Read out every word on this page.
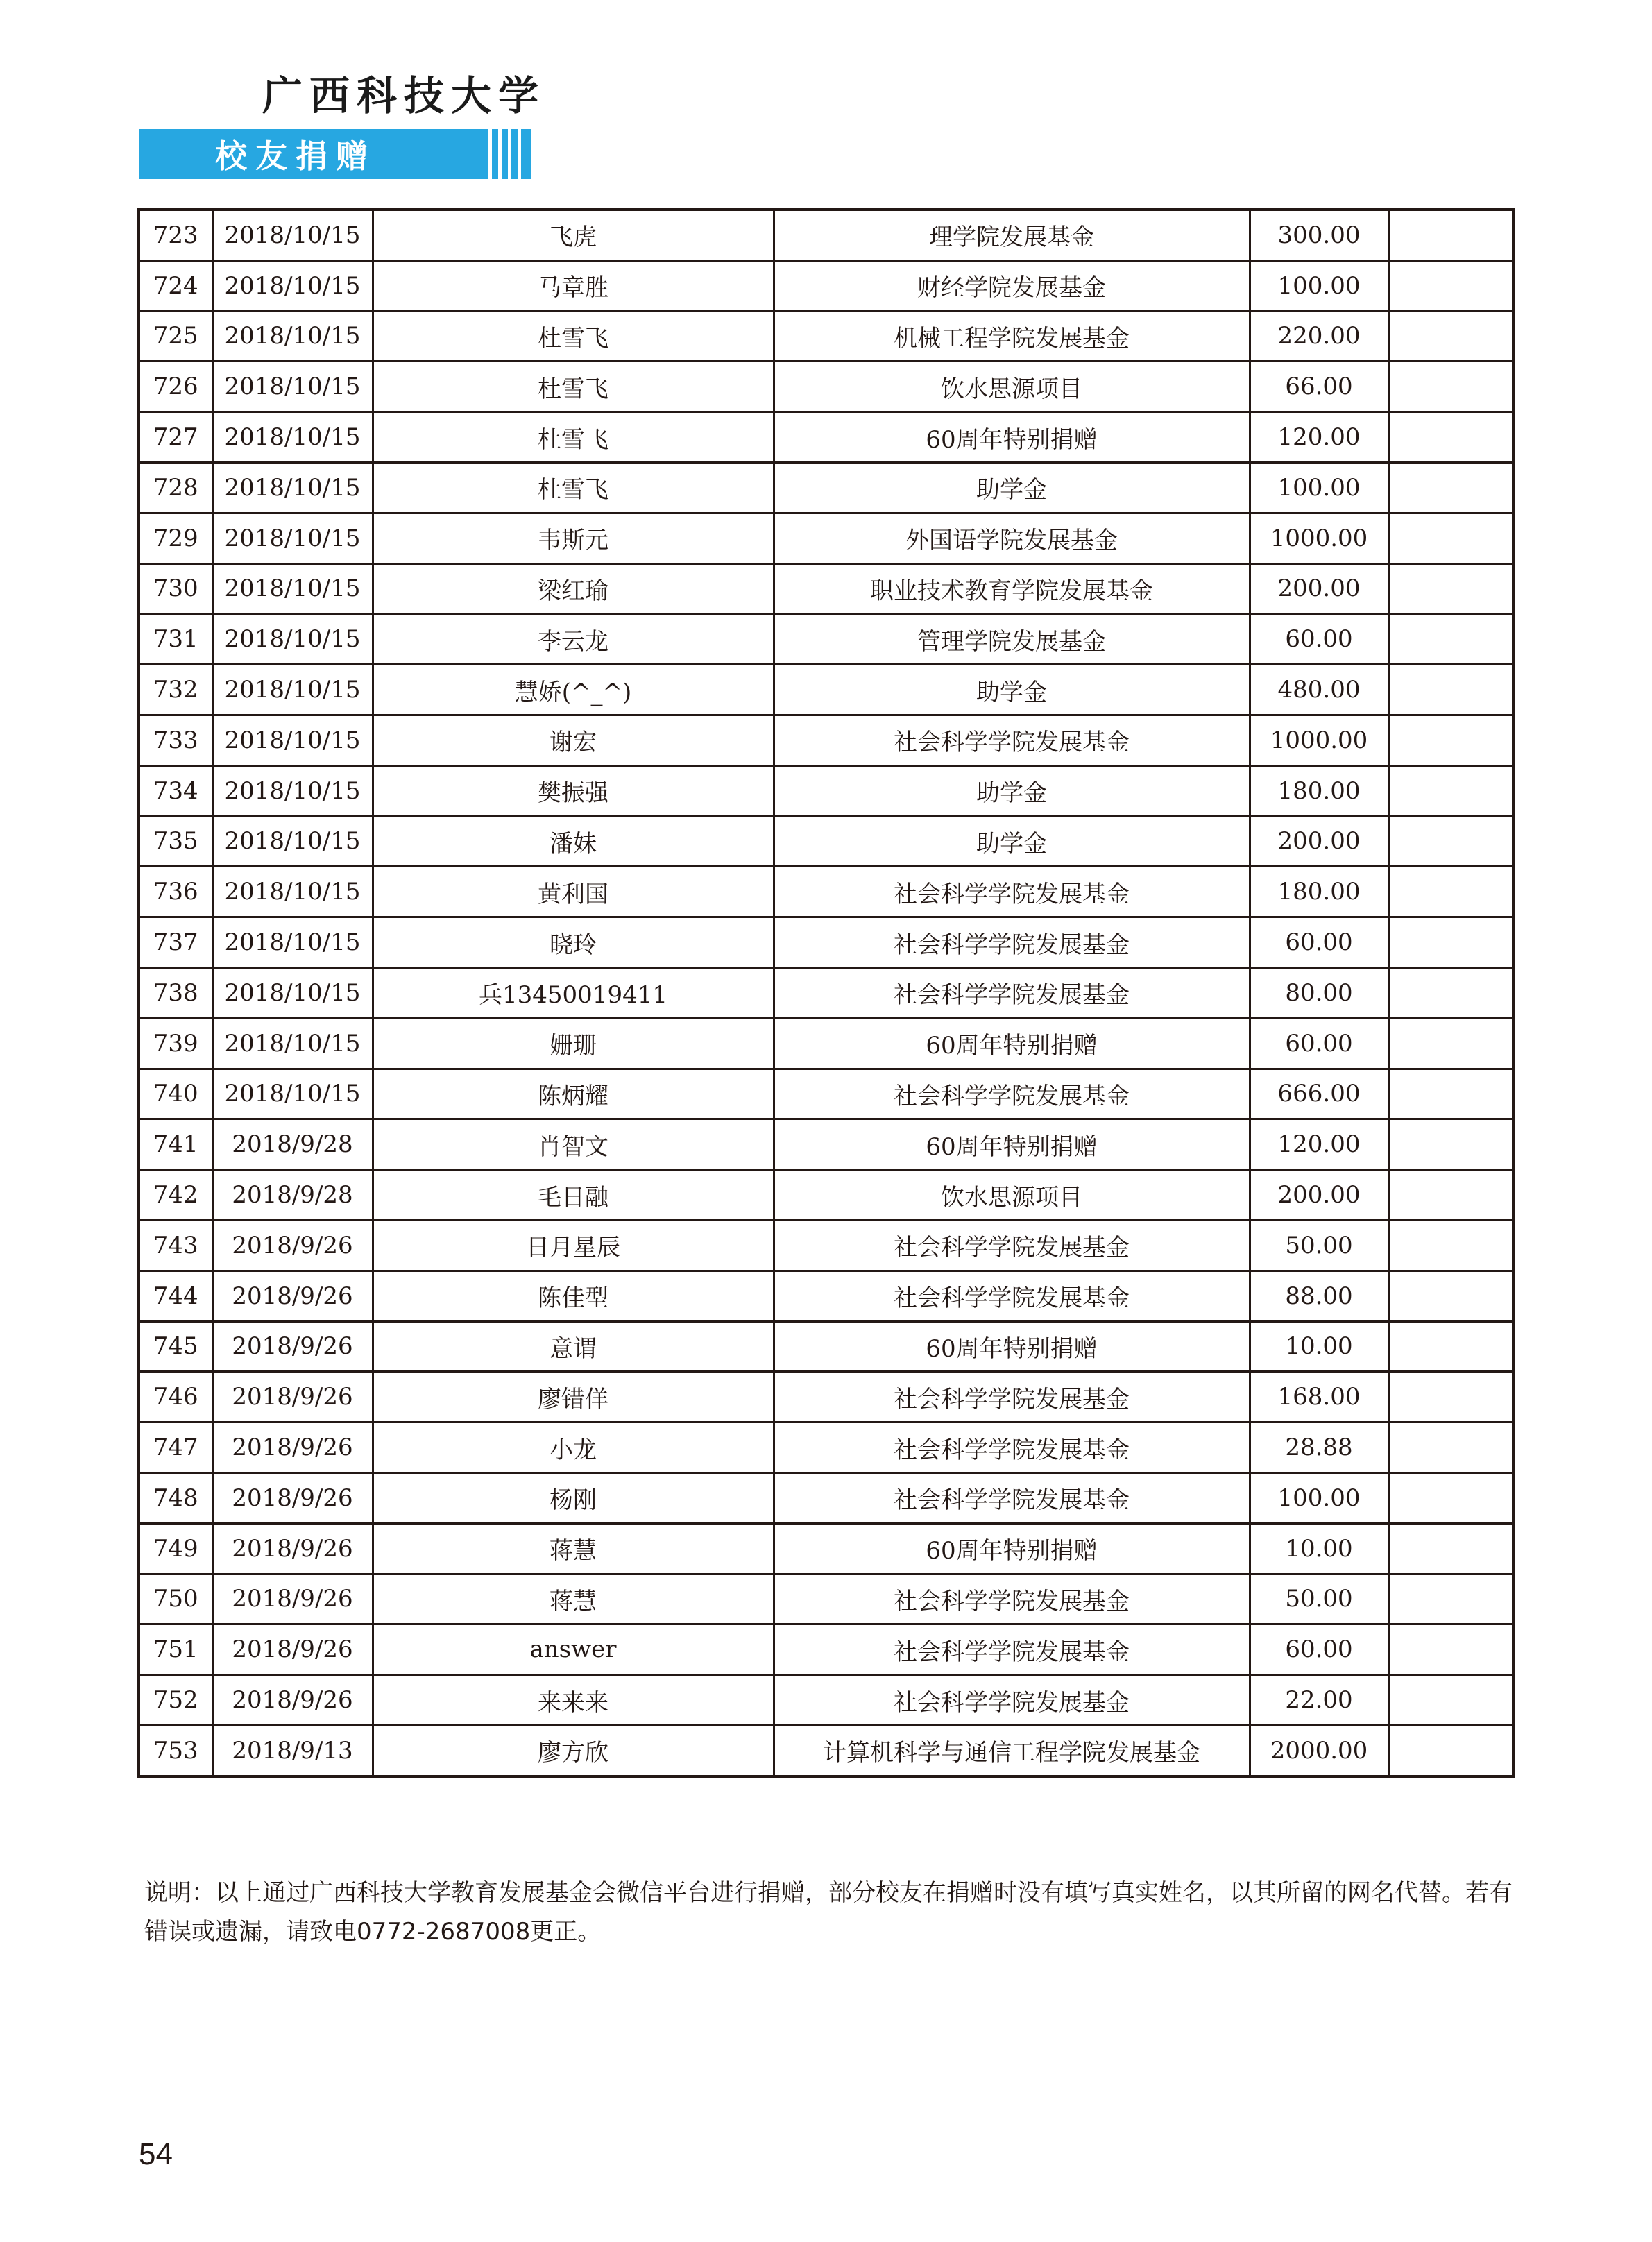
广西科技大学
校友捐赠
723	2018/10/15	飞虎	理学院发展基金	300.00	
724	2018/10/15	马章胜	财经学院发展基金	100.00	
725	2018/10/15	杜雪飞	机械工程学院发展基金	220.00	
726	2018/10/15	杜雪飞	饮水思源项目	66.00	
727	2018/10/15	杜雪飞	60周年特别捐赠	120.00	
728	2018/10/15	杜雪飞	助学金	100.00	
729	2018/10/15	韦斯元	外国语学院发展基金	1000.00	
730	2018/10/15	梁红瑜	职业技术教育学院发展基金	200.00	
731	2018/10/15	李云龙	管理学院发展基金	60.00	
732	2018/10/15	慧娇(^_^)	助学金	480.00	
733	2018/10/15	谢宏	社会科学学院发展基金	1000.00	
734	2018/10/15	樊振强	助学金	180.00	
735	2018/10/15	潘妹	助学金	200.00	
736	2018/10/15	黄利国	社会科学学院发展基金	180.00	
737	2018/10/15	晓玲	社会科学学院发展基金	60.00	
738	2018/10/15	兵13450019411	社会科学学院发展基金	80.00	
739	2018/10/15	姗珊	60周年特别捐赠	60.00	
740	2018/10/15	陈炳耀	社会科学学院发展基金	666.00	
741	2018/9/28	肖智文	60周年特别捐赠	120.00	
742	2018/9/28	毛日融	饮水思源项目	200.00	
743	2018/9/26	日月星辰	社会科学学院发展基金	50.00	
744	2018/9/26	陈佳型	社会科学学院发展基金	88.00	
745	2018/9/26	意谓	60周年特别捐赠	10.00	
746	2018/9/26	廖错佯	社会科学学院发展基金	168.00	
747	2018/9/26	小龙	社会科学学院发展基金	28.88	
748	2018/9/26	杨刚	社会科学学院发展基金	100.00	
749	2018/9/26	蒋慧	60周年特别捐赠	10.00	
750	2018/9/26	蒋慧	社会科学学院发展基金	50.00	
751	2018/9/26	answer	社会科学学院发展基金	60.00	
752	2018/9/26	来来来	社会科学学院发展基金	22.00	
753	2018/9/13	廖方欣	计算机科学与通信工程学院发展基金	2000.00	
说明：以上通过广西科技大学教育发展基金会微信平台进行捐赠，部分校友在捐赠时没有填写真实姓名，以其所留的网名代替。若有错误或遗漏，请致电0772-2687008更正。
54
